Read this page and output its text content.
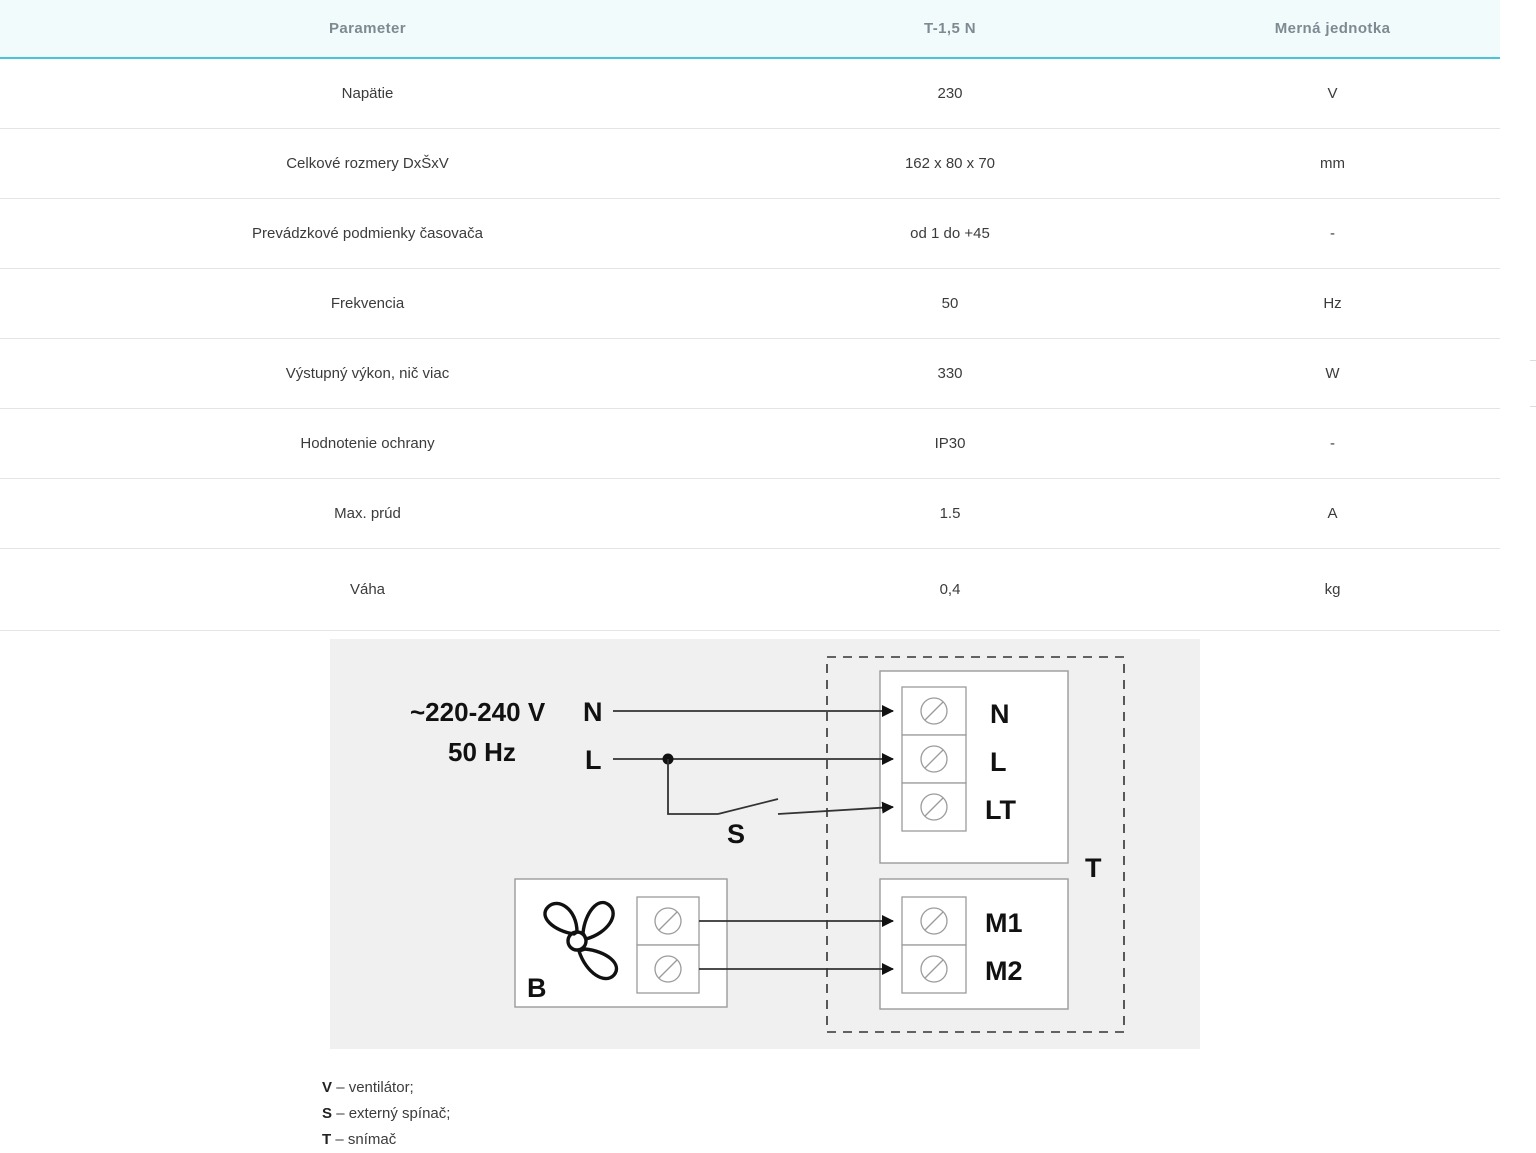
Parameter	T-1,5 N	Merná jednotka
Napätie	230	V
Celkové rozmery DxŠxV	162 x 80 x 70	mm
Prevádzkové podmienky časovača	od 1 do +45	-
Frekvencia	50	Hz
Výstupný výkon, nič viac	330	W
Hodnotenie ochrany	IP30	-
Max. prúd	1.5	A
Váha	0,4	kg
~220-240 V
50 Hz
N
L
S
N
L
LT
M1
M2
T
B
V – ventilátor;
S – externý spínač;
T – snímač
